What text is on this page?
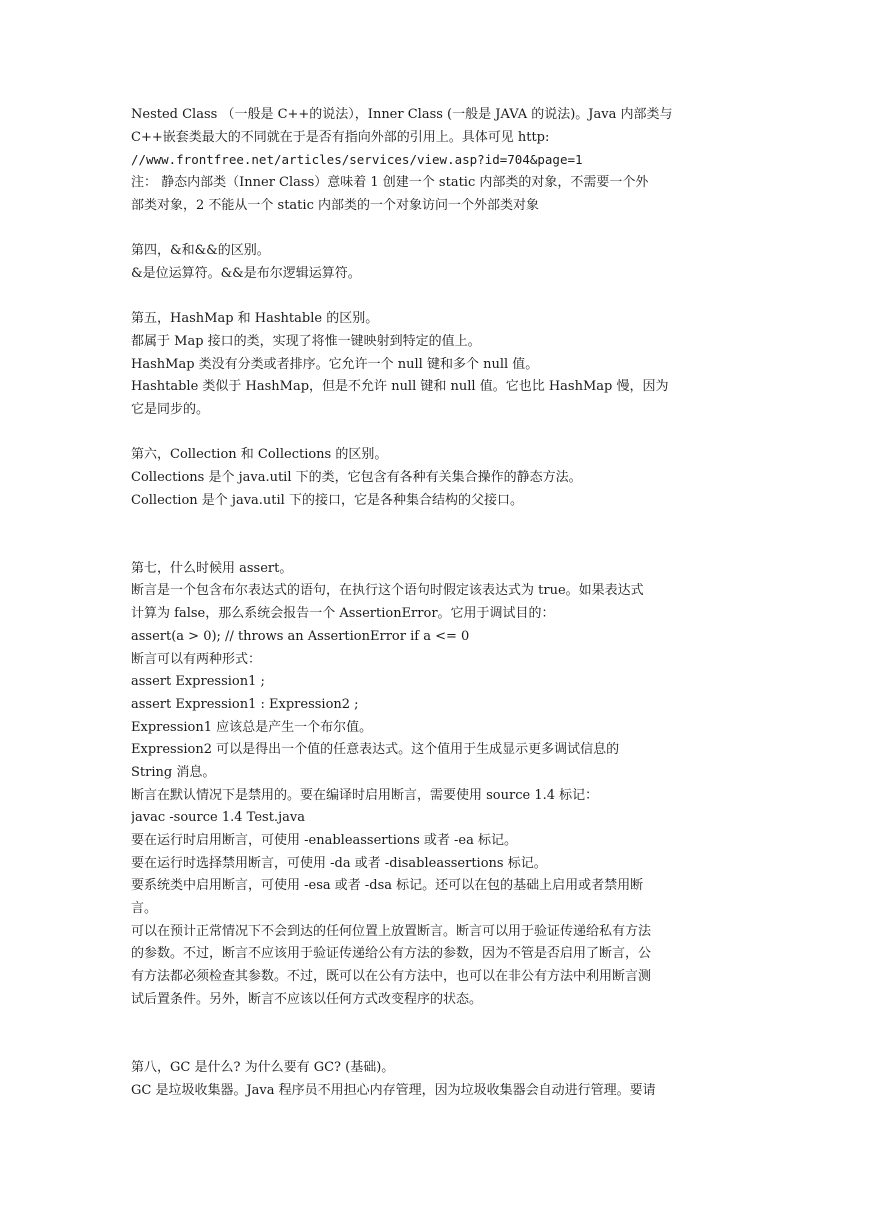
Nested Class （一般是 C++的说法），Inner Class (一般是 JAVA 的说法)。Java 内部类与
C++嵌套类最大的不同就在于是否有指向外部的引用上。具体可见 http:
//www.frontfree.net/articles/services/view.asp?id=704&page=1
注： 静态内部类（Inner Class）意味着 1 创建一个 static 内部类的对象，不需要一个外
部类对象，2 不能从一个 static 内部类的一个对象访问一个外部类对象
第四，&和&&的区别。
&是位运算符。&&是布尔逻辑运算符。
第五，HashMap 和 Hashtable 的区别。
都属于 Map 接口的类，实现了将惟一键映射到特定的值上。
HashMap 类没有分类或者排序。它允许一个 null 键和多个 null 值。
Hashtable 类似于 HashMap，但是不允许 null 键和 null 值。它也比 HashMap 慢，因为
它是同步的。
第六，Collection 和 Collections 的区别。
Collections 是个 java.util 下的类，它包含有各种有关集合操作的静态方法。
Collection 是个 java.util 下的接口，它是各种集合结构的父接口。
第七，什么时候用 assert。
断言是一个包含布尔表达式的语句，在执行这个语句时假定该表达式为 true。如果表达式
计算为 false，那么系统会报告一个 AssertionError。它用于调试目的：
assert(a > 0); // throws an AssertionError if a <= 0
断言可以有两种形式：
assert Expression1 ;
assert Expression1 : Expression2 ;
Expression1 应该总是产生一个布尔值。
Expression2 可以是得出一个值的任意表达式。这个值用于生成显示更多调试信息的
String 消息。
断言在默认情况下是禁用的。要在编译时启用断言，需要使用 source 1.4 标记：
javac -source 1.4 Test.java
要在运行时启用断言，可使用 -enableassertions 或者 -ea 标记。
要在运行时选择禁用断言，可使用 -da 或者 -disableassertions 标记。
要系统类中启用断言，可使用 -esa 或者 -dsa 标记。还可以在包的基础上启用或者禁用断
言。
可以在预计正常情况下不会到达的任何位置上放置断言。断言可以用于验证传递给私有方法
的参数。不过，断言不应该用于验证传递给公有方法的参数，因为不管是否启用了断言，公
有方法都必须检查其参数。不过，既可以在公有方法中，也可以在非公有方法中利用断言测
试后置条件。另外，断言不应该以任何方式改变程序的状态。
第八，GC 是什么? 为什么要有 GC? (基础)。
GC 是垃圾收集器。Java 程序员不用担心内存管理，因为垃圾收集器会自动进行管理。要请
